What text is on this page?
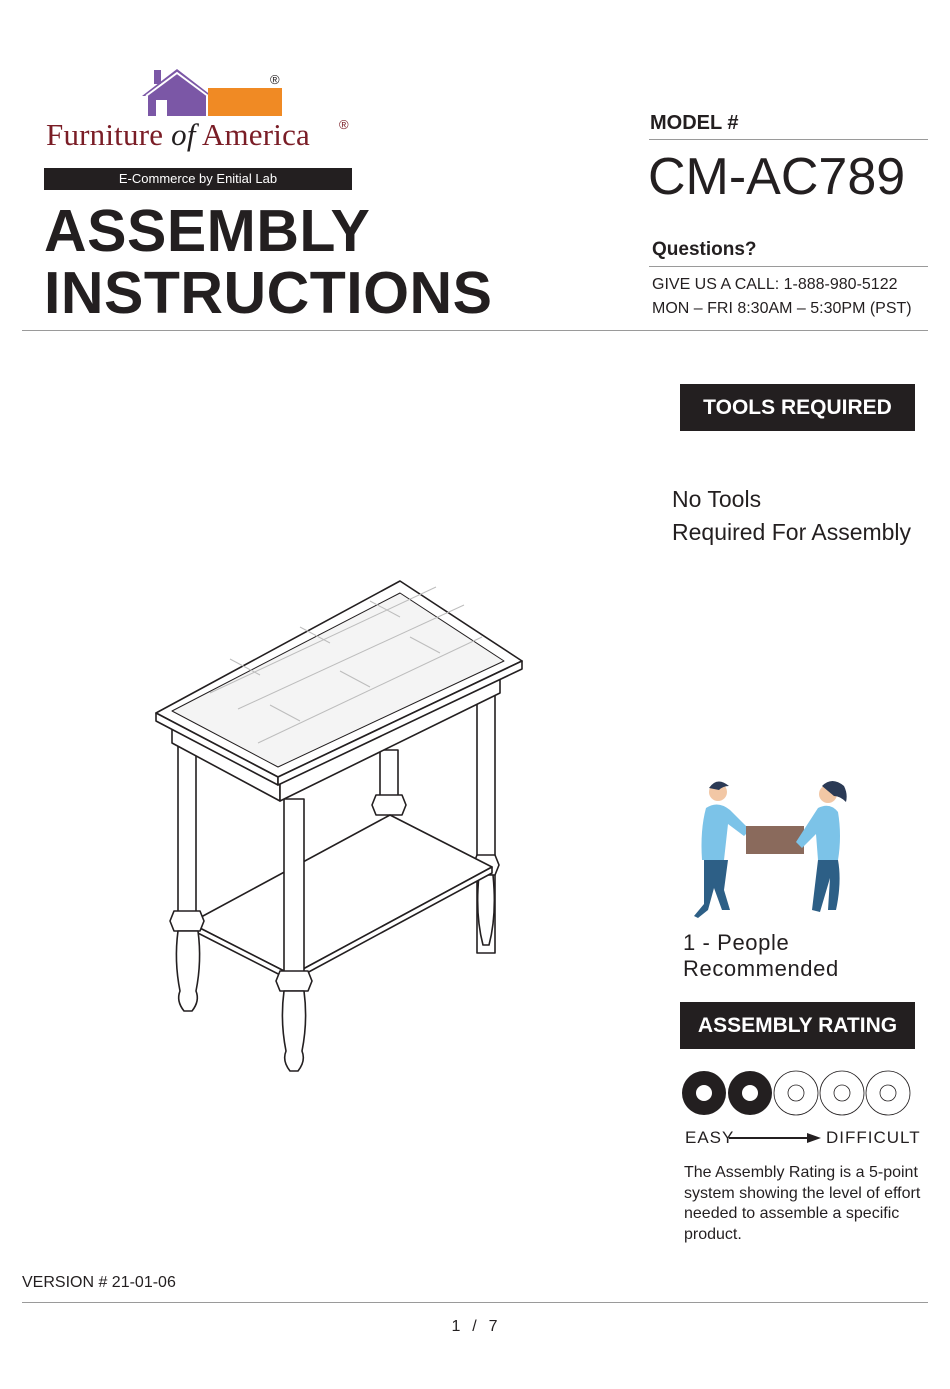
®
Furniture of America ®
E-Commerce by Enitial Lab
ASSEMBLY
INSTRUCTIONS
MODEL #
CM-AC789
Questions?
GIVE US A CALL: 1-888-980-5122
MON – FRI 8:30AM – 5:30PM (PST)
TOOLS REQUIRED
No Tools
Required For Assembly
1 - People
Recommended
ASSEMBLY RATING
EASY	DIFFICULT
The Assembly Rating is a 5-point system showing the level of effort needed to assemble a specific product.
VERSION # 21-01-06
1  /  7
